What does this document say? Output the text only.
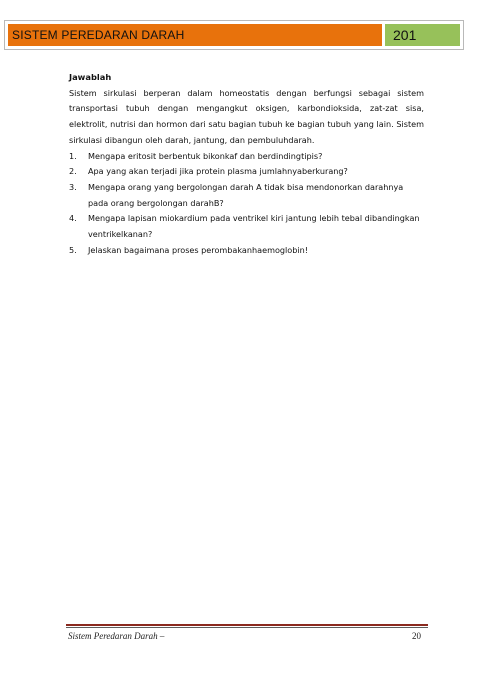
SISTEM PEREDARAN DARAH	201

Jawablah

Sistem sirkulasi berperan dalam homeostatis dengan berfungsi sebagai sistem transportasi tubuh dengan mengangkut oksigen, karbondioksida, zat-zat sisa, elektrolit, nutrisi dan hormon dari satu bagian tubuh ke bagian tubuh yang lain. Sistem sirkulasi dibangun oleh darah, jantung, dan pembuluhdarah.

1.	Mengapa eritosit berbentuk bikonkaf dan berdindingtipis?
2.	Apa yang akan terjadi jika protein plasma jumlahnyaberkurang?
3.	Mengapa orang yang bergolongan darah A tidak bisa mendonorkan darahnya pada orang bergolongan darahB?
4.	Mengapa lapisan miokardium pada ventrikel kiri jantung lebih tebal dibandingkan ventrikelkanan?
5.	Jelaskan bagaimana proses perombakanhaemoglobin!
Sistem Peredaran Darah –	20
